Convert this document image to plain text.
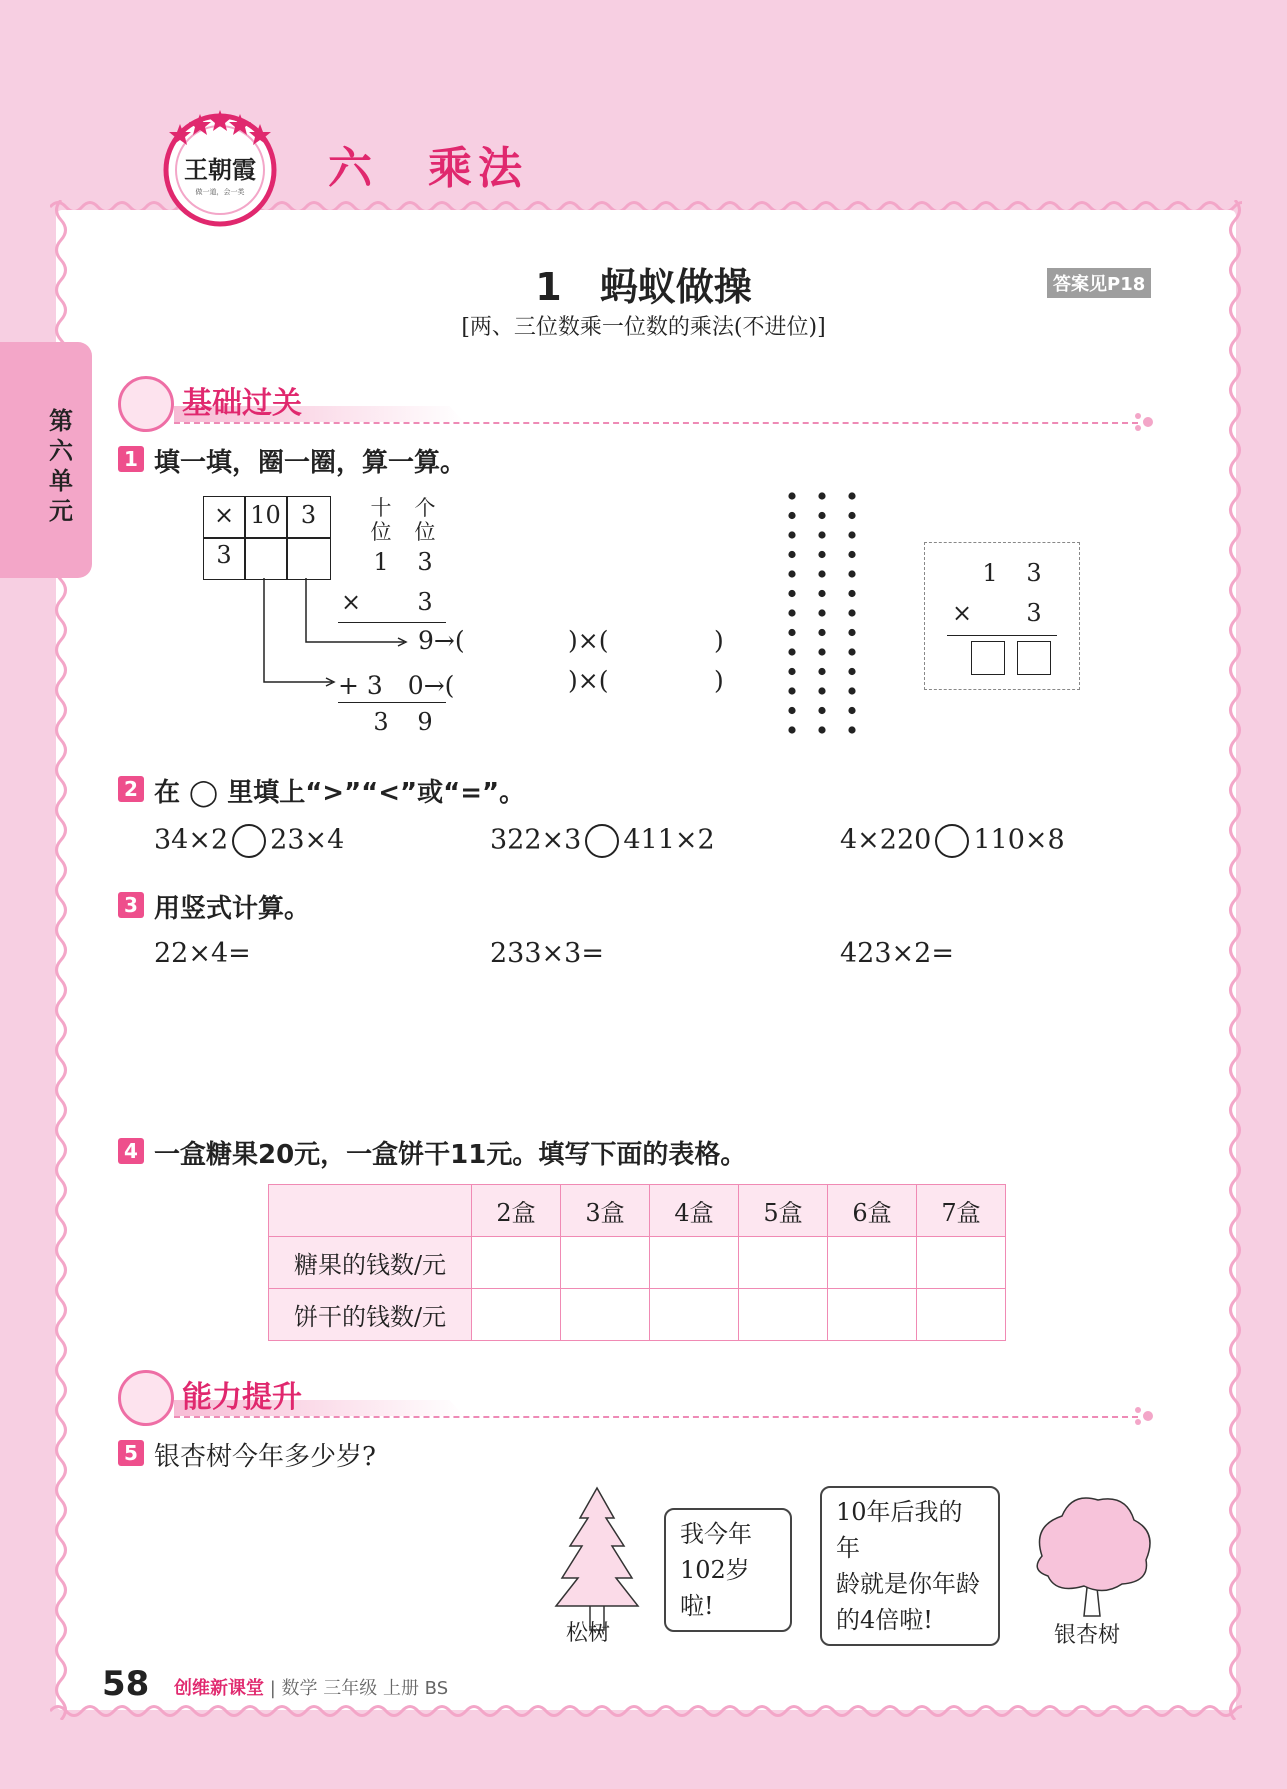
第六单元
王朝霞
做一道，会一类 六　乘法
1　蚂蚁做操	答案见P18
[两、三位数乘一位数的乘法(不进位)]
基础过关
1 填一填，圈一圈，算一算。
× 10 3
3
十位
个位
1 3
× 3
9→(	)×(	)
+ 3　0→(	)×(	)
3 9
1 3
× 3
2 在 ◯ 里填上“>”“<”或“=”。
34×2 23×4	322×3 411×2	4×220 110×8
3 用竖式计算。
22×4=	233×3=	423×2=
4 一盒糖果20元，一盒饼干11元。填写下面的表格。
	2盒	3盒	4盒	5盒	6盒	7盒
糖果的钱数/元						
饼干的钱数/元						
能力提升
5 银杏树今年多少岁?
松树
我今年
102岁啦!
10年后我的年
龄就是你年龄
的4倍啦!
银杏树
58 创维新课堂 | 数学 三年级 上册 BS
